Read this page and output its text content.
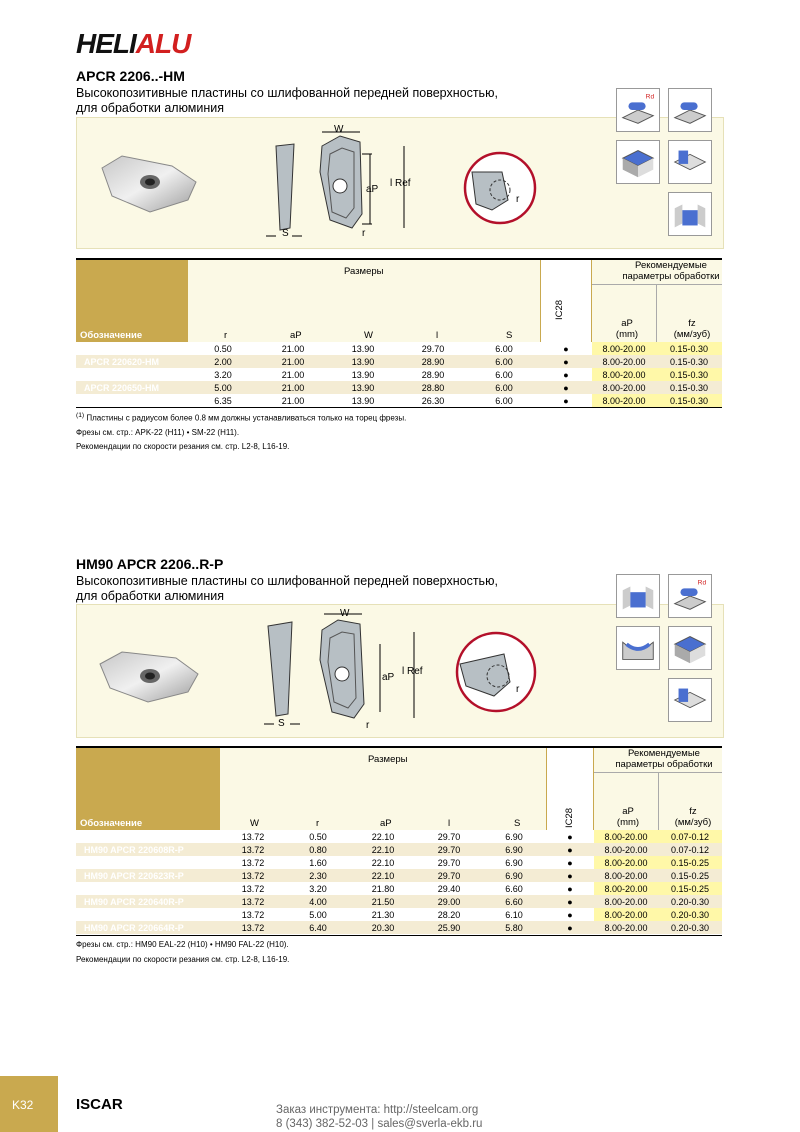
HELIALU
APCR 2206..-HM
Высокопозитивные пластины со шлифованной передней поверхностью,
для обработки алюминия
S
W
aP
l Ref
r
r
Rd
Размеры
Рекомендуемые
параметры обработки
Обозначение	r	aP	W	l	S
IC28
aP
(mm)
fz
(мм/зуб)
APCR 220605-HM	0.50	21.00	13.90	29.70	6.00	●	8.00-20.00	0.15-0.30
APCR 220620-HM	2.00	21.00	13.90	28.90	6.00	●	8.00-20.00	0.15-0.30
APCR 220632-HM	3.20	21.00	13.90	28.90	6.00	●	8.00-20.00	0.15-0.30
APCR 220650-HM	5.00	21.00	13.90	28.80	6.00	●	8.00-20.00	0.15-0.30
APCR 220664-HM	6.35	21.00	13.90	26.30	6.00	●	8.00-20.00	0.15-0.30
$^{(1)}$ Пластины с радиусом более 0.8 мм должны устанавливаться только на торец фрезы.
Фрезы см. стр.: APK-22 (H11) • SM-22 (H11).
Рекомендации по скорости резания см. стр. L2-8, L16-19.
HM90 APCR 2206..R-P
Высокопозитивные пластины со шлифованной передней поверхностью,
для обработки алюминия
S
W
aP
l Ref
r
r
Rd
Размеры
Рекомендуемые
параметры обработки
Обозначение	W	r	aP	l	S	IC28	aP
(mm)
fz
(мм/зуб)
HM90 APCR 220605R-P	13.72	0.50	22.10	29.70	6.90	●	8.00-20.00	0.07-0.12
HM90 APCR 220608R-P	13.72	0.80	22.10	29.70	6.90	●	8.00-20.00	0.07-0.12
HM90 APCR 220616R-P	13.72	1.60	22.10	29.70	6.90	●	8.00-20.00	0.15-0.25
HM90 APCR 220623R-P	13.72	2.30	22.10	29.70	6.90	●	8.00-20.00	0.15-0.25
HM90 APCR 220632R-P	13.72	3.20	21.80	29.40	6.60	●	8.00-20.00	0.15-0.25
HM90 APCR 220640R-P	13.72	4.00	21.50	29.00	6.60	●	8.00-20.00	0.20-0.30
HM90 APCR 220650R-P	13.72	5.00	21.30	28.20	6.10	●	8.00-20.00	0.20-0.30
HM90 APCR 220664R-P	13.72	6.40	20.30	25.90	5.80	●	8.00-20.00	0.20-0.30
Фрезы см. стр.: HM90 EAL-22 (H10) • HM90 FAL-22 (H10).
Рекомендации по скорости резания см. стр. L2-8, L16-19.
K32	ISCAR	Заказ инструмента: http://steelcam.org
8 (343) 382-52-03 | sales@sverla-ekb.ru
